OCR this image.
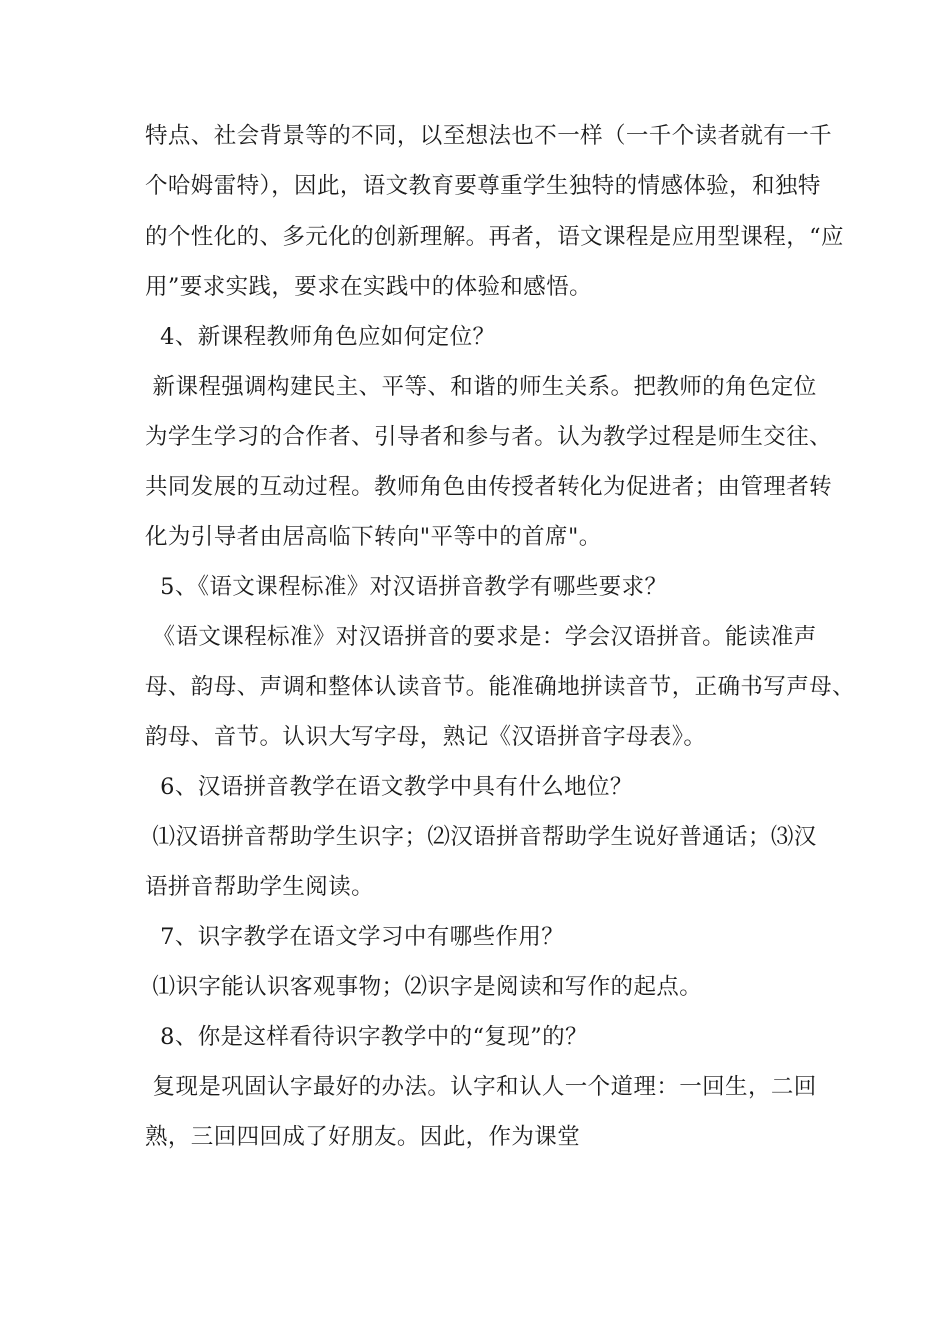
特点、社会背景等的不同，以至想法也不一样（一千个读者就有一千
个哈姆雷特），因此，语文教育要尊重学生独特的情感体验，和独特
的个性化的、多元化的创新理解。再者，语文课程是应用型课程，“应
用”要求实践，要求在实践中的体验和感悟。
4、新课程教师角色应如何定位？
新课程强调构建民主、平等、和谐的师生关系。把教师的角色定位
为学生学习的合作者、引导者和参与者。认为教学过程是师生交往、
共同发展的互动过程。教师角色由传授者转化为促进者；由管理者转
化为引导者由居高临下转向"平等中的首席"。
5、《语文课程标准》对汉语拼音教学有哪些要求？
《语文课程标准》对汉语拼音的要求是：学会汉语拼音。能读准声
母、韵母、声调和整体认读音节。能准确地拼读音节，正确书写声母、
韵母、音节。认识大写字母，熟记《汉语拼音字母表》。
6、汉语拼音教学在语文教学中具有什么地位？
⑴汉语拼音帮助学生识字；⑵汉语拼音帮助学生说好普通话；⑶汉
语拼音帮助学生阅读。
7、识字教学在语文学习中有哪些作用？
⑴识字能认识客观事物；⑵识字是阅读和写作的起点。
8、你是这样看待识字教学中的“复现”的？
复现是巩固认字最好的办法。认字和认人一个道理：一回生，二回
熟，三回四回成了好朋友。因此，作为课堂
